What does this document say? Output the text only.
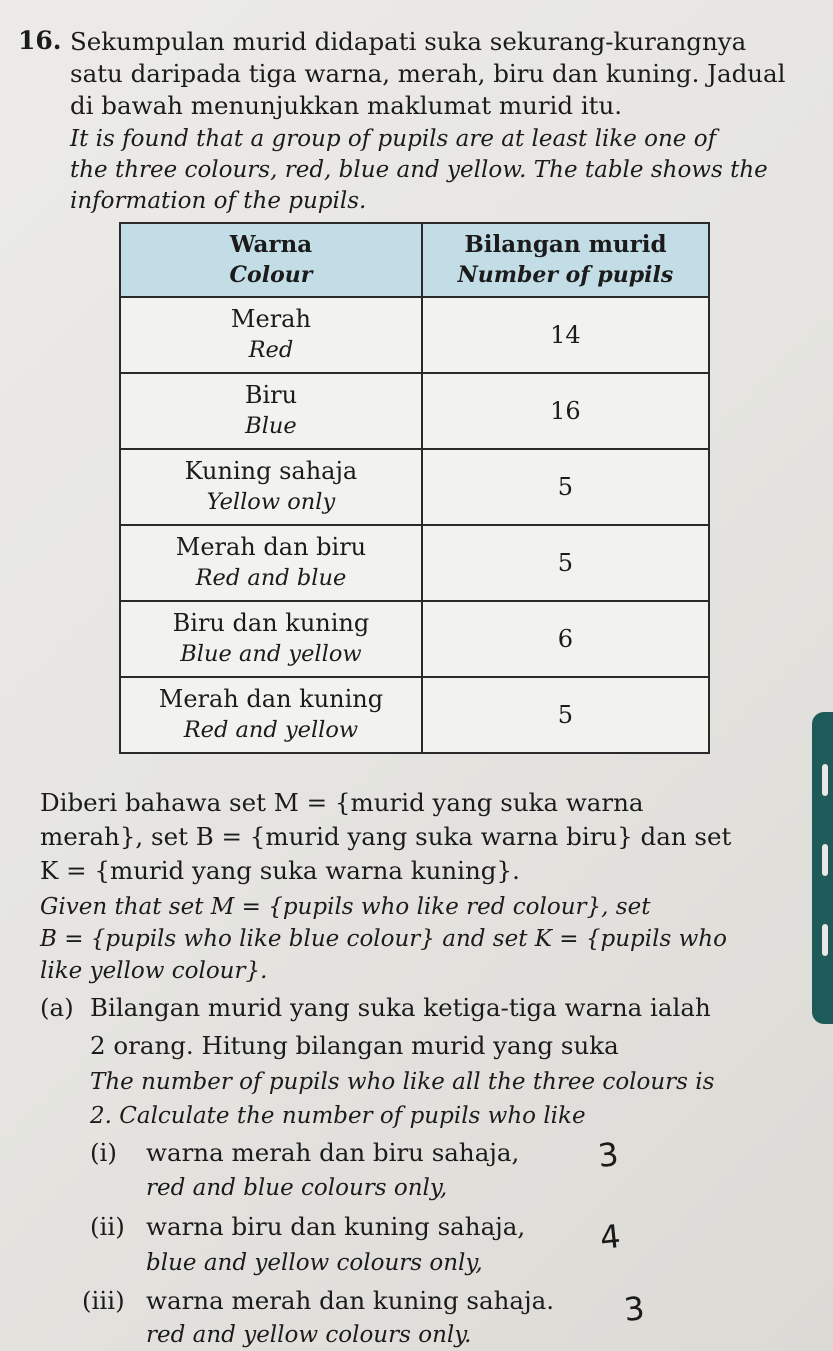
16. Sekumpulan murid didapati suka sekurang-kurangnya

satu daripada tiga warna, merah, biru dan kuning. Jadual

di bawah menunjukkan maklumat murid itu.

It is found that a group of pupils are at least like one of

the three colours, red, blue and yellow. The table shows the

information of the pupils.

Warna
Colour	Bilangan murid
Number of pupils

Merah
Red	14

Biru
Blue	16

Kuning sahaja
Yellow only	5

Merah dan biru
Red and blue	5

Biru dan kuning
Blue and yellow	6

Merah dan kuning
Red and yellow	5

Diberi bahawa set M = {murid yang suka warna

merah}, set B = {murid yang suka warna biru} dan set

K = {murid yang suka warna kuning}.

Given that set M = {pupils who like red colour}, set

B = {pupils who like blue colour} and set K = {pupils who

like yellow colour}.

(a) Bilangan murid yang suka ketiga-tiga warna ialah

2 orang. Hitung bilangan murid yang suka

The number of pupils who like all the three colours is

2. Calculate the number of pupils who like

(i) warna merah dan biru sahaja,

red and blue colours only,

3

(ii) warna biru dan kuning sahaja,

blue and yellow colours only,

4

(iii) warna merah dan kuning sahaja.

red and yellow colours only.

3
